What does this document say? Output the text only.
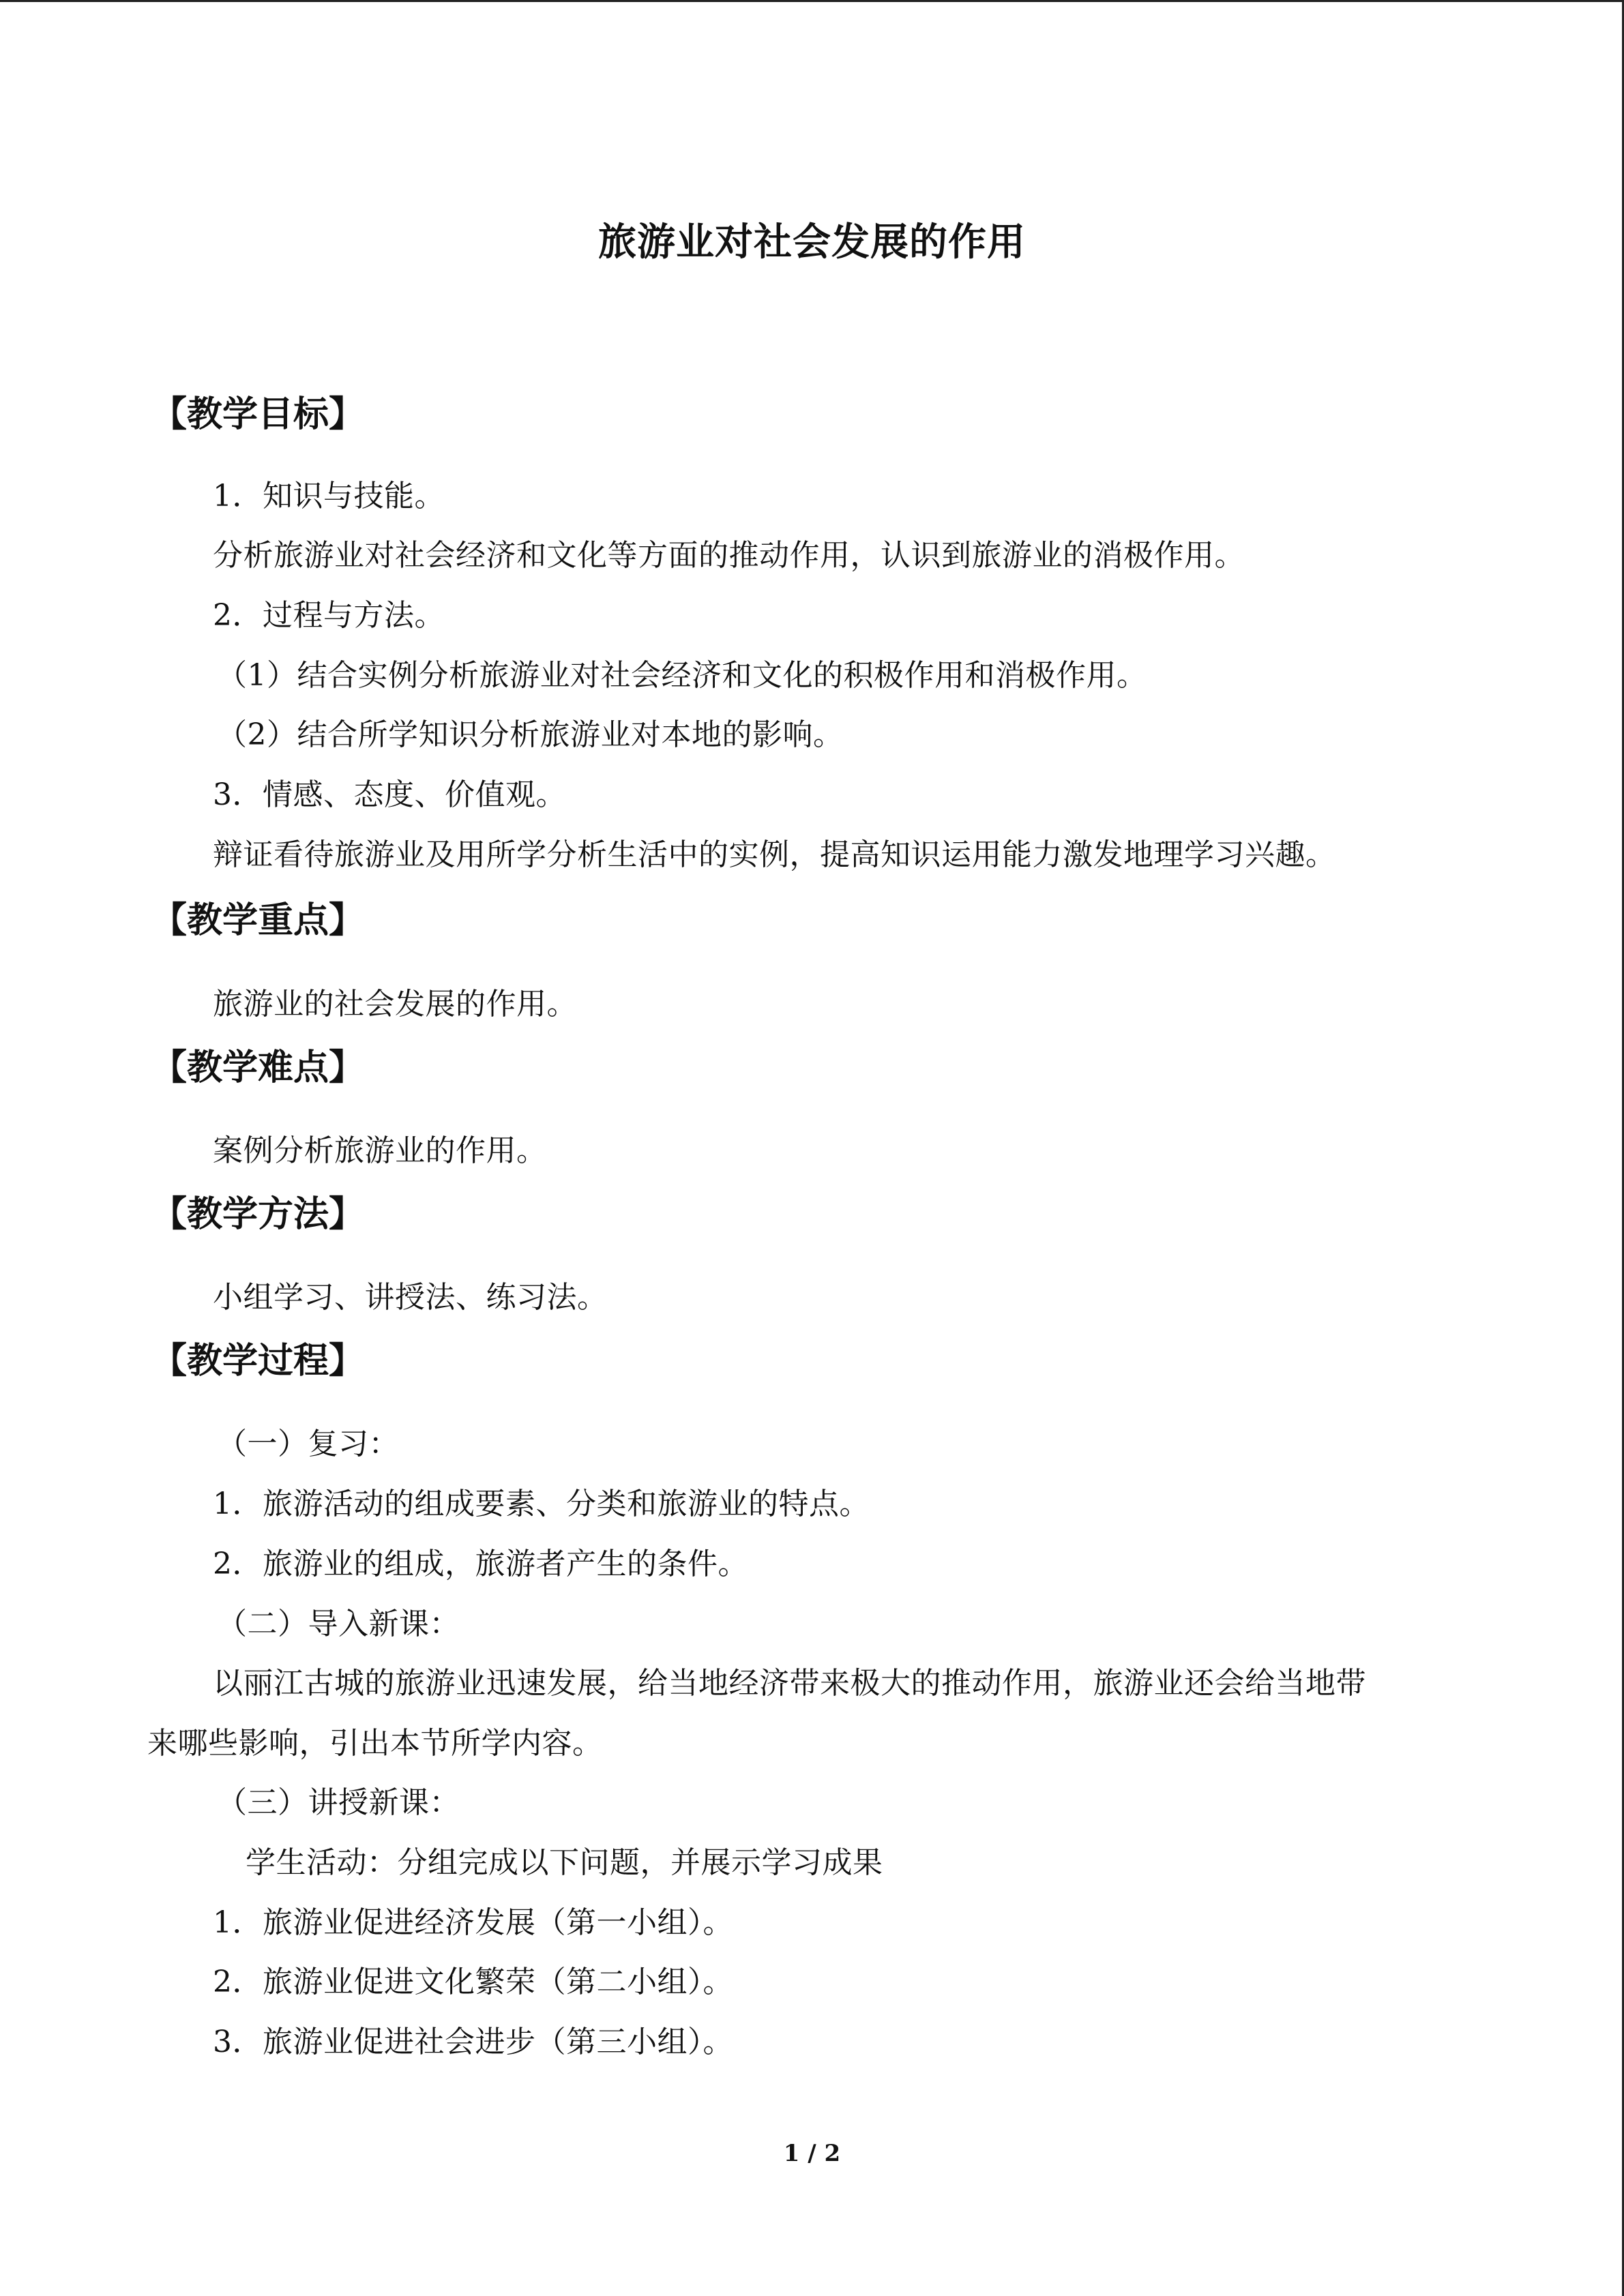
旅游业对社会发展的作用
【教学目标】
1．知识与技能。
分析旅游业对社会经济和文化等方面的推动作用，认识到旅游业的消极作用。
2．过程与方法。
（1）结合实例分析旅游业对社会经济和文化的积极作用和消极作用。
（2）结合所学知识分析旅游业对本地的影响。
3．情感、态度、价值观。
辩证看待旅游业及用所学分析生活中的实例，提高知识运用能力激发地理学习兴趣。
【教学重点】
旅游业的社会发展的作用。
【教学难点】
案例分析旅游业的作用。
【教学方法】
小组学习、讲授法、练习法。
【教学过程】
（一）复习：
1．旅游活动的组成要素、分类和旅游业的特点。
2．旅游业的组成，旅游者产生的条件。
（二）导入新课：
以丽江古城的旅游业迅速发展，给当地经济带来极大的推动作用，旅游业还会给当地带
来哪些影响，引出本节所学内容。
（三）讲授新课：
学生活动：分组完成以下问题，并展示学习成果
1．旅游业促进经济发展（第一小组）。
2．旅游业促进文化繁荣（第二小组）。
3．旅游业促进社会进步（第三小组）。
1 / 2
